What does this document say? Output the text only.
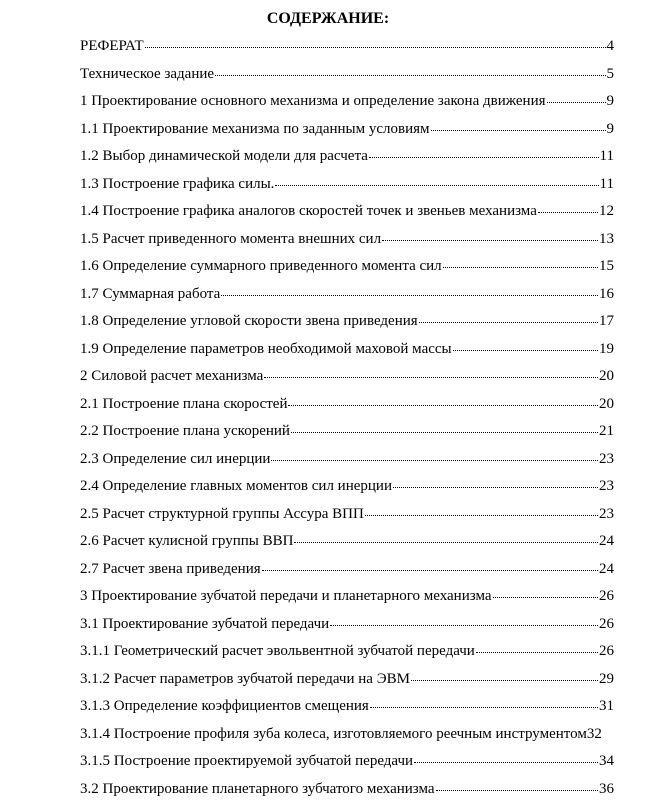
СОДЕРЖАНИЕ:
РЕФЕРАТ	4
Техническое задание	5
1 Проектирование основного механизма и определение закона движения	9
1.1 Проектирование механизма по заданным условиям	9
1.2 Выбор динамической модели для расчета	11
1.3 Построение графика силы.	11
1.4 Построение графика аналогов скоростей точек и звеньев механизма	12
1.5 Расчет приведенного момента внешних сил	13
1.6 Определение суммарного приведенного момента сил	15
1.7 Суммарная работа	16
1.8 Определение угловой скорости звена приведения	17
1.9 Определение параметров необходимой маховой массы	19
2 Силовой расчет механизма	20
2.1 Построение плана скоростей	20
2.2 Построение плана ускорений	21
2.3 Определение сил инерции	23
2.4 Определение главных моментов сил инерции	23
2.5 Расчет структурной группы Ассура ВПП	23
2.6 Расчет кулисной группы ВВП	24
2.7 Расчет звена приведения	24
3 Проектирование зубчатой передачи и планетарного механизма	26
3.1 Проектирование зубчатой передачи	26
3.1.1 Геометрический расчет эвольвентной зубчатой передачи	26
3.1.2 Расчет параметров зубчатой передачи на ЭВМ	29
3.1.3 Определение коэффициентов смещения	31
3.1.4 Построение профиля зуба колеса, изготовляемого реечным инструментом 32
3.1.5 Построение проектируемой зубчатой передачи	34
3.2 Проектирование планетарного зубчатого механизма	36
